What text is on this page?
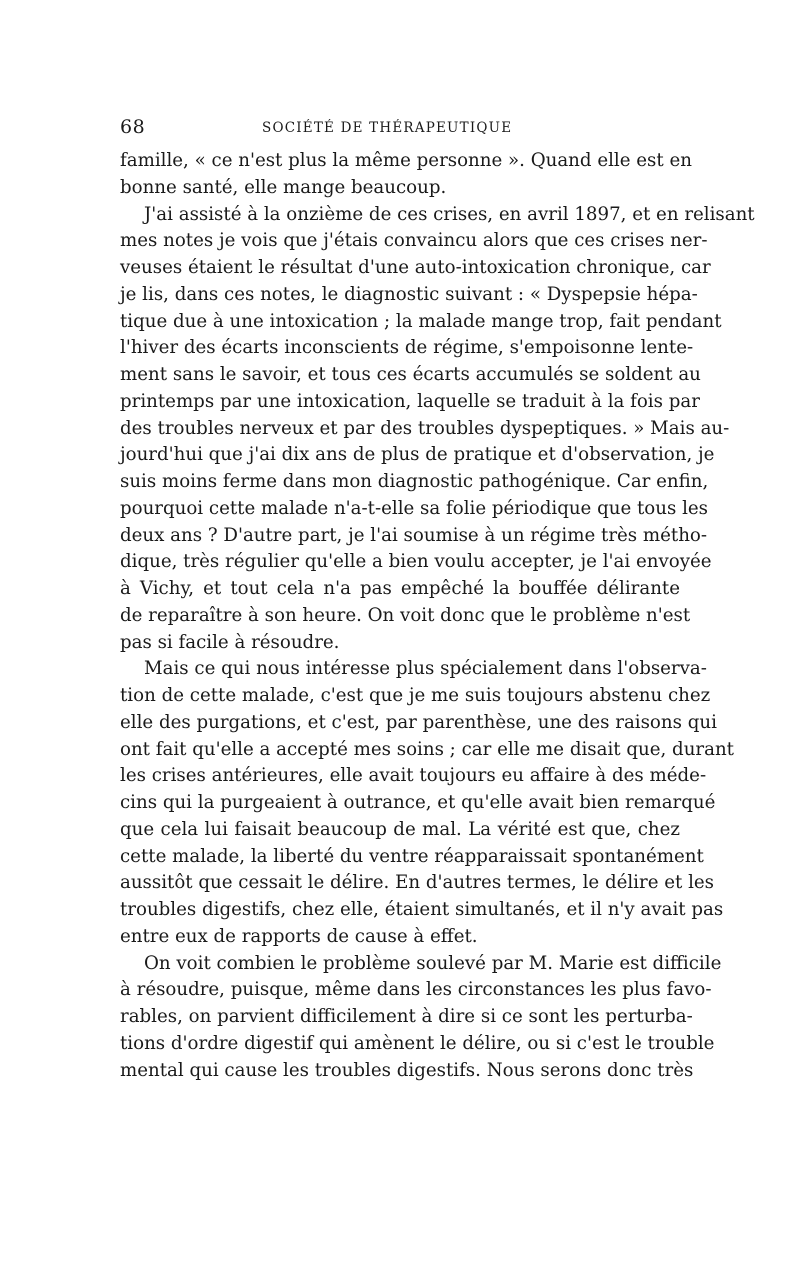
68	SOCIÉTÉ DE THÉRAPEUTIQUE
famille, « ce n'est plus la même personne ». Quand elle est en
bonne santé, elle mange beaucoup.
J'ai assisté à la onzième de ces crises, en avril 1897, et en relisant
mes notes je vois que j'étais convaincu alors que ces crises ner-
veuses étaient le résultat d'une auto-intoxication chronique, car
je lis, dans ces notes, le diagnostic suivant : « Dyspepsie hépa-
tique due à une intoxication ; la malade mange trop, fait pendant
l'hiver des écarts inconscients de régime, s'empoisonne lente-
ment sans le savoir, et tous ces écarts accumulés se soldent au
printemps par une intoxication, laquelle se traduit à la fois par
des troubles nerveux et par des troubles dyspeptiques. » Mais au-
jourd'hui que j'ai dix ans de plus de pratique et d'observation, je
suis moins ferme dans mon diagnostic pathogénique. Car enfin,
pourquoi cette malade n'a-t-elle sa folie périodique que tous les
deux ans ? D'autre part, je l'ai soumise à un régime très métho-
dique, très régulier qu'elle a bien voulu accepter, je l'ai envoyée
à Vichy, et tout cela n'a pas empêché la bouffée délirante
de reparaître à son heure. On voit donc que le problème n'est
pas si facile à résoudre.
Mais ce qui nous intéresse plus spécialement dans l'observa-
tion de cette malade, c'est que je me suis toujours abstenu chez
elle des purgations, et c'est, par parenthèse, une des raisons qui
ont fait qu'elle a accepté mes soins ; car elle me disait que, durant
les crises antérieures, elle avait toujours eu affaire à des méde-
cins qui la purgeaient à outrance, et qu'elle avait bien remarqué
que cela lui faisait beaucoup de mal. La vérité est que, chez
cette malade, la liberté du ventre réapparaissait spontanément
aussitôt que cessait le délire. En d'autres termes, le délire et les
troubles digestifs, chez elle, étaient simultanés, et il n'y avait pas
entre eux de rapports de cause à effet.
On voit combien le problème soulevé par M. Marie est difficile
à résoudre, puisque, même dans les circonstances les plus favo-
rables, on parvient difficilement à dire si ce sont les perturba-
tions d'ordre digestif qui amènent le délire, ou si c'est le trouble
mental qui cause les troubles digestifs. Nous serons donc très
